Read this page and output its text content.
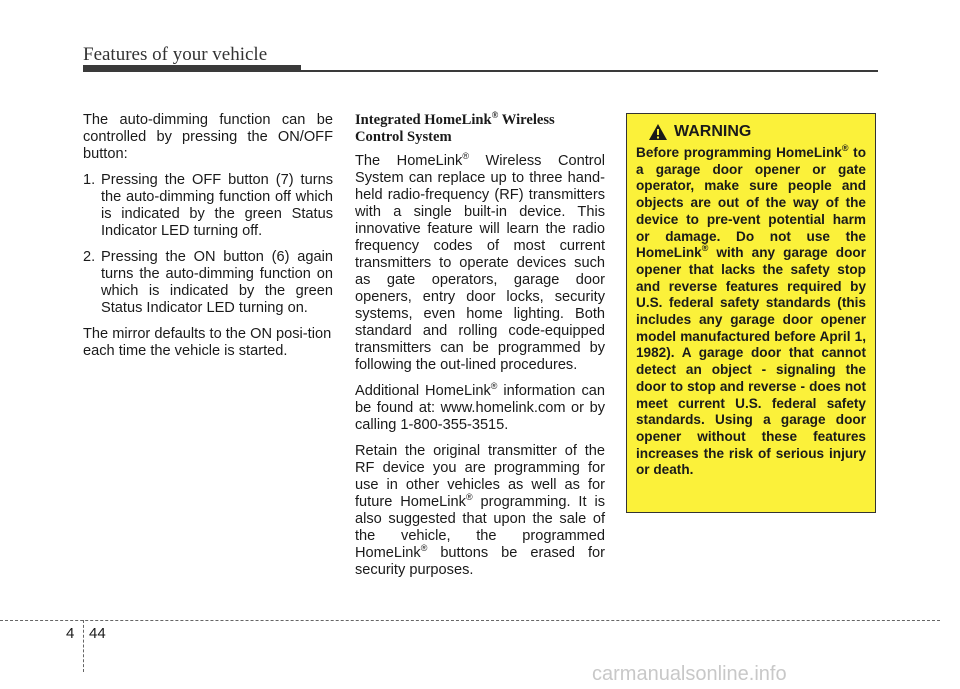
Features of your vehicle

The auto-dimming function can be controlled by pressing the ON/OFF button:

1. Pressing the OFF button (7) turns the auto-dimming function off which is indicated by the green Status Indicator LED turning off.
2. Pressing the ON button (6) again turns the auto-dimming function on which is indicated by the green Status Indicator LED turning on.

The mirror defaults to the ON posi-tion each time the vehicle is started.

Integrated HomeLink® Wireless Control System

The HomeLink® Wireless Control System can replace up to three hand-held radio-frequency (RF) transmitters with a single built-in device. This innovative feature will learn the radio frequency codes of most current transmitters to operate devices such as gate operators, garage door openers, entry door locks, security systems, even home lighting. Both standard and rolling code-equipped transmitters can be programmed by following the out-lined procedures.

Additional HomeLink® information can be found at: www.homelink.com or by calling 1-800-355-3515.

Retain the original transmitter of the RF device you are programming for use in other vehicles as well as for future HomeLink® programming. It is also suggested that upon the sale of the vehicle, the programmed HomeLink® buttons be erased for security purposes.

WARNING

Before programming HomeLink® to a garage door opener or gate operator, make sure people and objects are out of the way of the device to pre-vent potential harm or damage. Do not use the HomeLink® with any garage door opener that lacks the safety stop and reverse features required by U.S. federal safety standards (this includes any garage door opener model manufactured before April 1, 1982). A garage door that cannot detect an object - signaling the door to stop and reverse - does not meet current U.S. federal safety standards. Using a garage door opener without these features increases the risk of serious injury or death.

4 44
carmanualsonline.info
